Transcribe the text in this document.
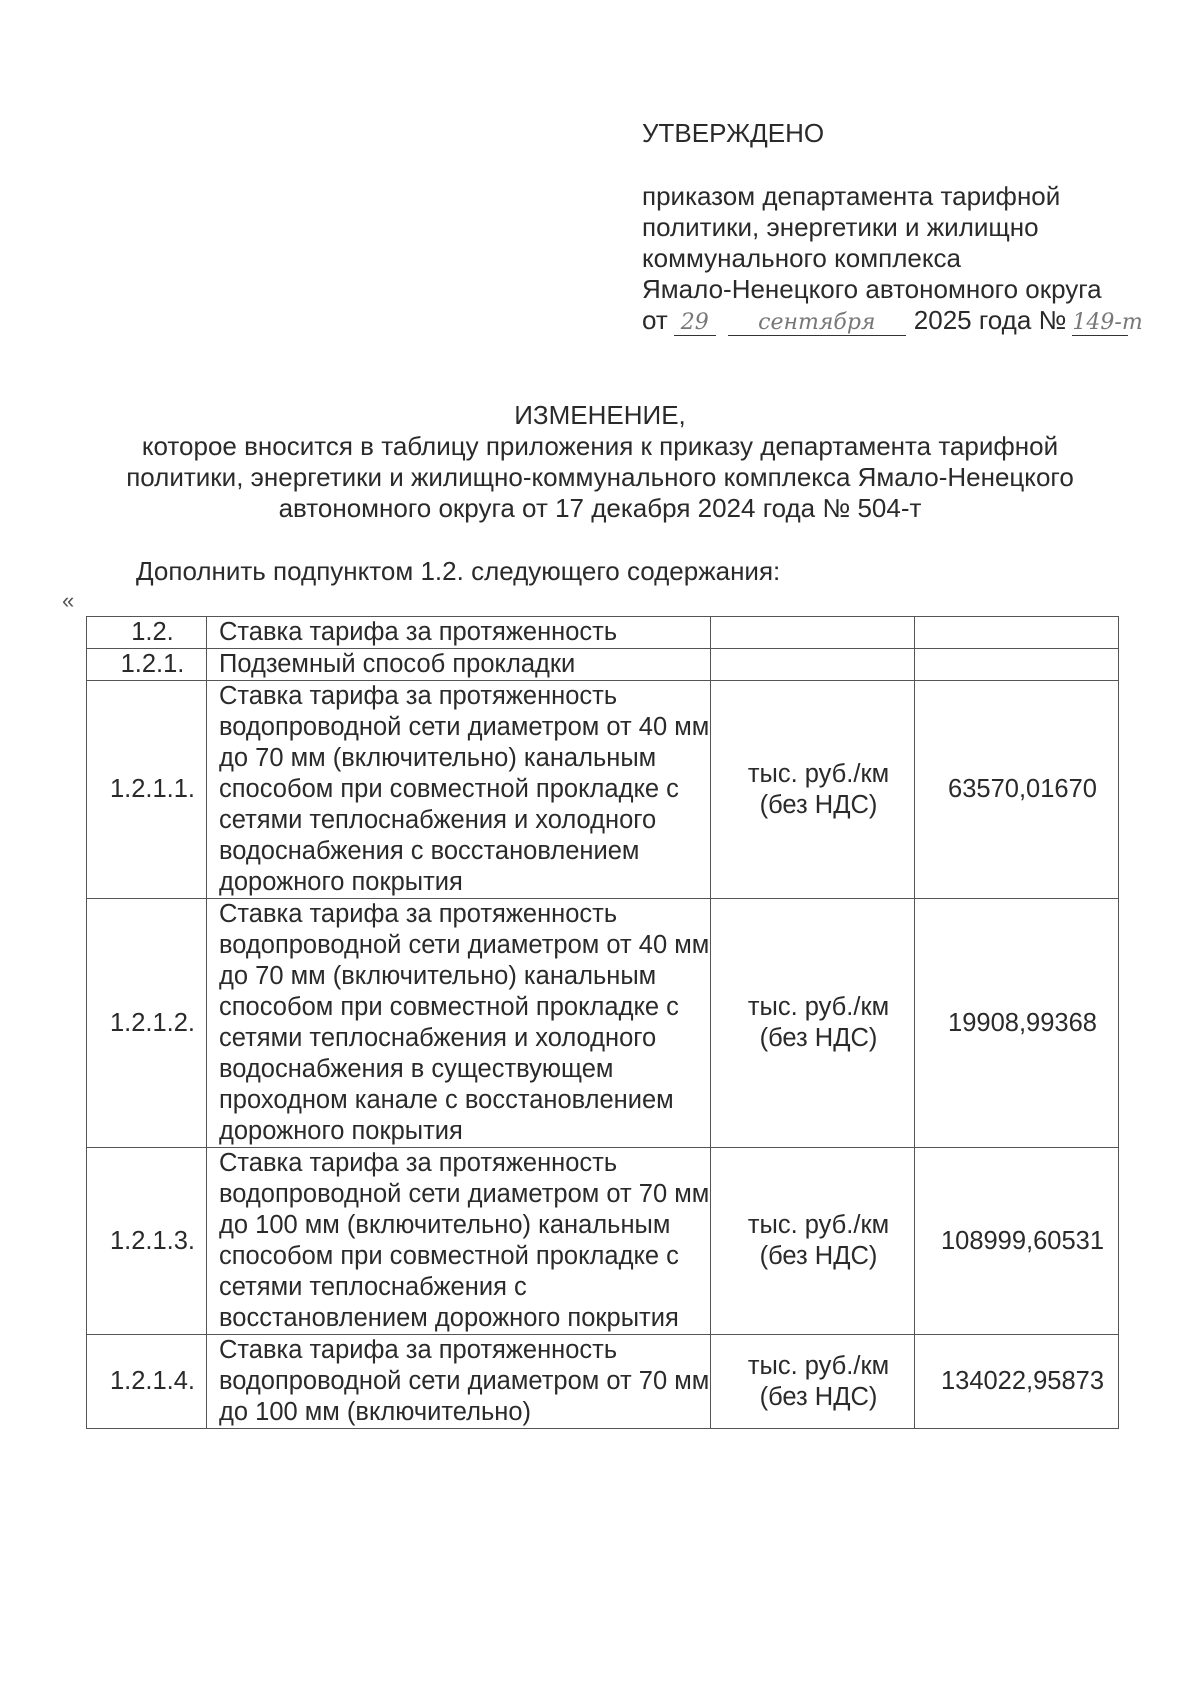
УТВЕРЖДЕНО
приказом департамента тарифной
политики, энергетики и жилищно
коммунального комплекса
Ямало-Ненецкого автономного округа
от 29 сентября 2025 года № 149-т
ИЗМЕНЕНИЕ,
которое вносится в таблицу приложения к приказу департамента тарифной
политики, энергетики и жилищно-коммунального комплекса Ямало-Ненецкого
автономного округа от 17 декабря 2024 года № 504-т
Дополнить подпунктом 1.2. следующего содержания:
«
1.2.	Ставка тарифа за протяженность		
1.2.1.	Подземный способ прокладки		
1.2.1.1.	Ставка тарифа за протяженность водопроводной сети диаметром от 40 мм до 70 мм (включительно) канальным способом при совместной прокладке с сетями теплоснабжения и холодного водоснабжения с восстановлением дорожного покрытия	тыс. руб./км (без НДС)	63570,01670
1.2.1.2.	Ставка тарифа за протяженность водопроводной сети диаметром от 40 мм до 70 мм (включительно) канальным способом при совместной прокладке с сетями теплоснабжения и холодного водоснабжения в существующем проходном канале с восстановлением дорожного покрытия	тыс. руб./км (без НДС)	19908,99368
1.2.1.3.	Ставка тарифа за протяженность водопроводной сети диаметром от 70 мм до 100 мм (включительно) канальным способом при совместной прокладке с сетями теплоснабжения с восстановлением дорожного покрытия	тыс. руб./км (без НДС)	108999,60531
1.2.1.4.	Ставка тарифа за протяженность водопроводной сети диаметром от 70 мм до 100 мм (включительно)	тыс. руб./км (без НДС)	134022,95873
